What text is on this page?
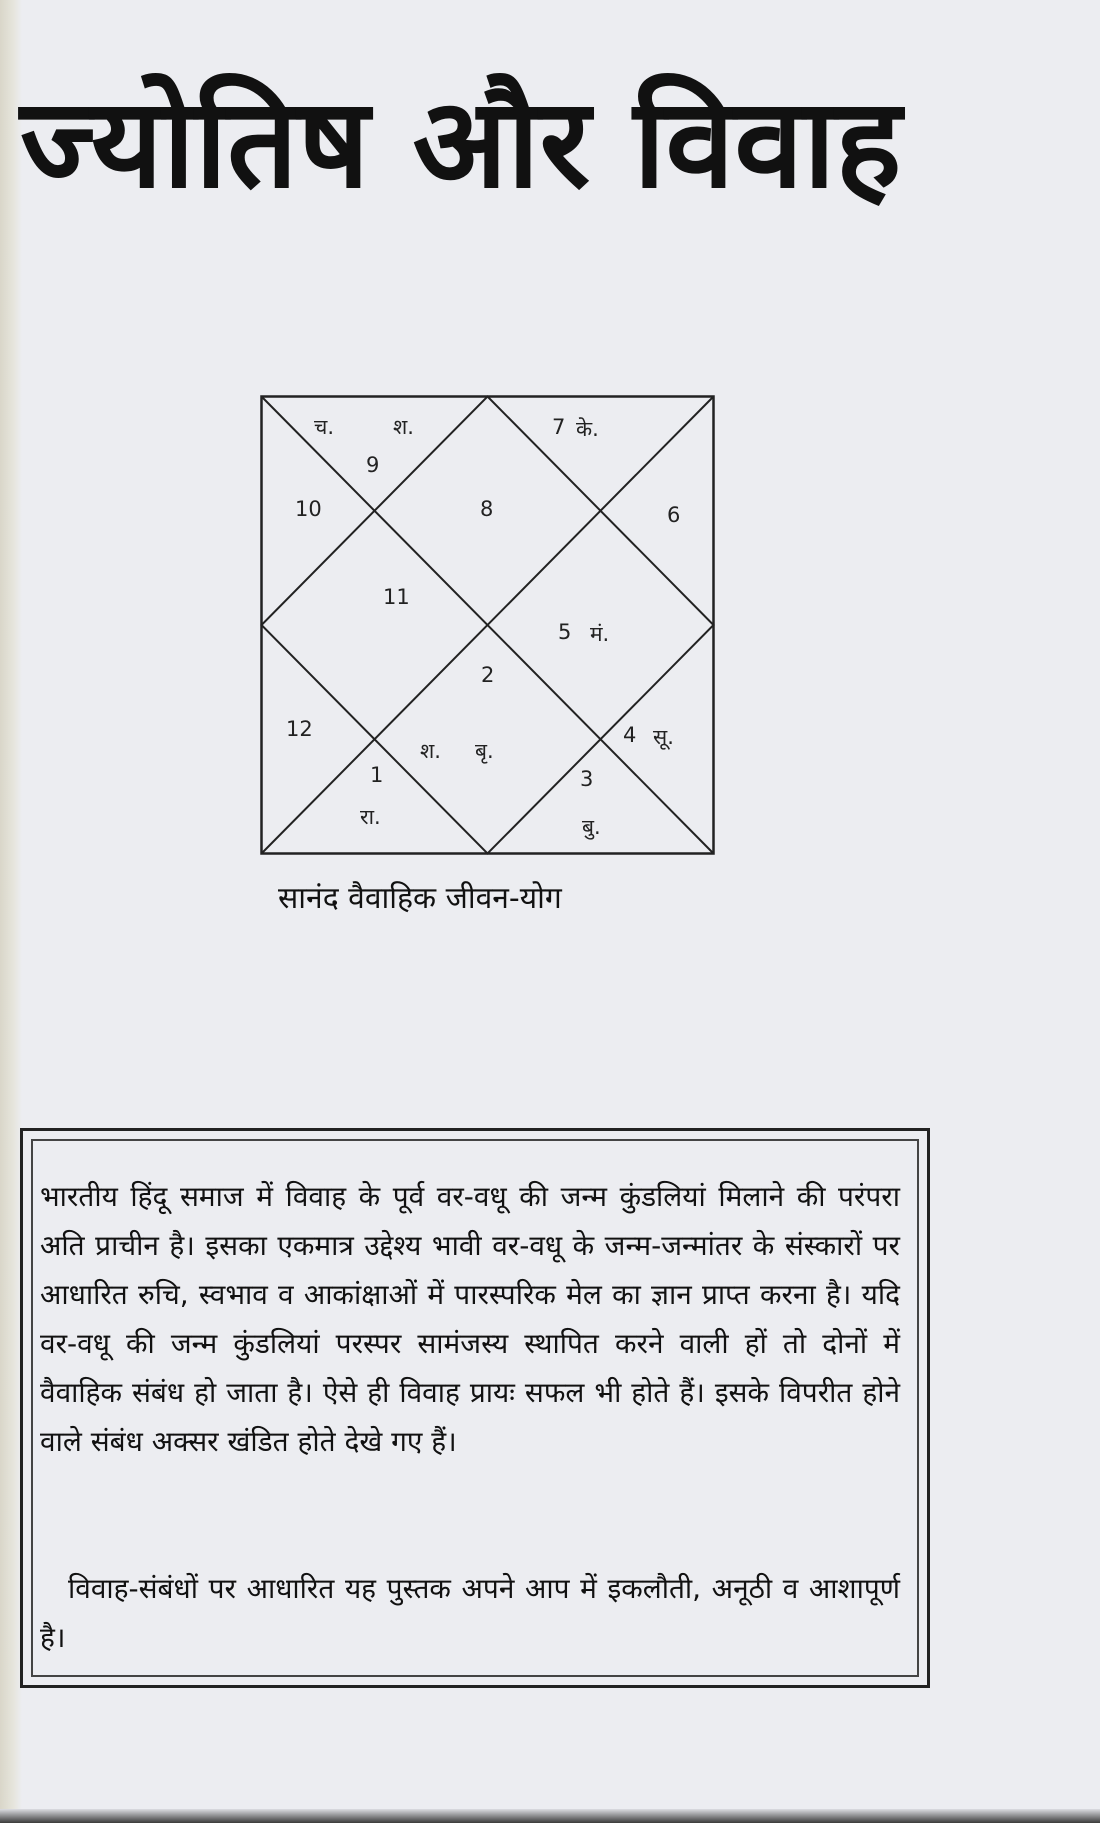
ज्योतिष और विवाह
च.	श.
9
10	8
7 के.
6
11
5 मं.
2
12
श. बृ.
4 सू.
1	3
रा.	बु.
सानंद वैवाहिक जीवन-योग

भारतीय हिंदू समाज में विवाह के पूर्व वर-वधू की जन्म कुंडलियां मिलाने की परंपरा अति प्राचीन है। इसका एकमात्र उद्देश्य भावी वर-वधू के जन्म-जन्मांतर के संस्कारों पर आधारित रुचि, स्वभाव व आकांक्षाओं में पारस्परिक मेल का ज्ञान प्राप्त करना है। यदि वर-वधू की जन्म कुंडलियां परस्पर सामंजस्य स्थापित करने वाली हों तो दोनों में वैवाहिक संबंध हो जाता है। ऐसे ही विवाह प्रायः सफल भी होते हैं। इसके विपरीत होने वाले संबंध अक्सर खंडित होते देखे गए हैं।

विवाह-संबंधों पर आधारित यह पुस्तक अपने आप में इकलौती, अनूठी व आशापूर्ण है।
